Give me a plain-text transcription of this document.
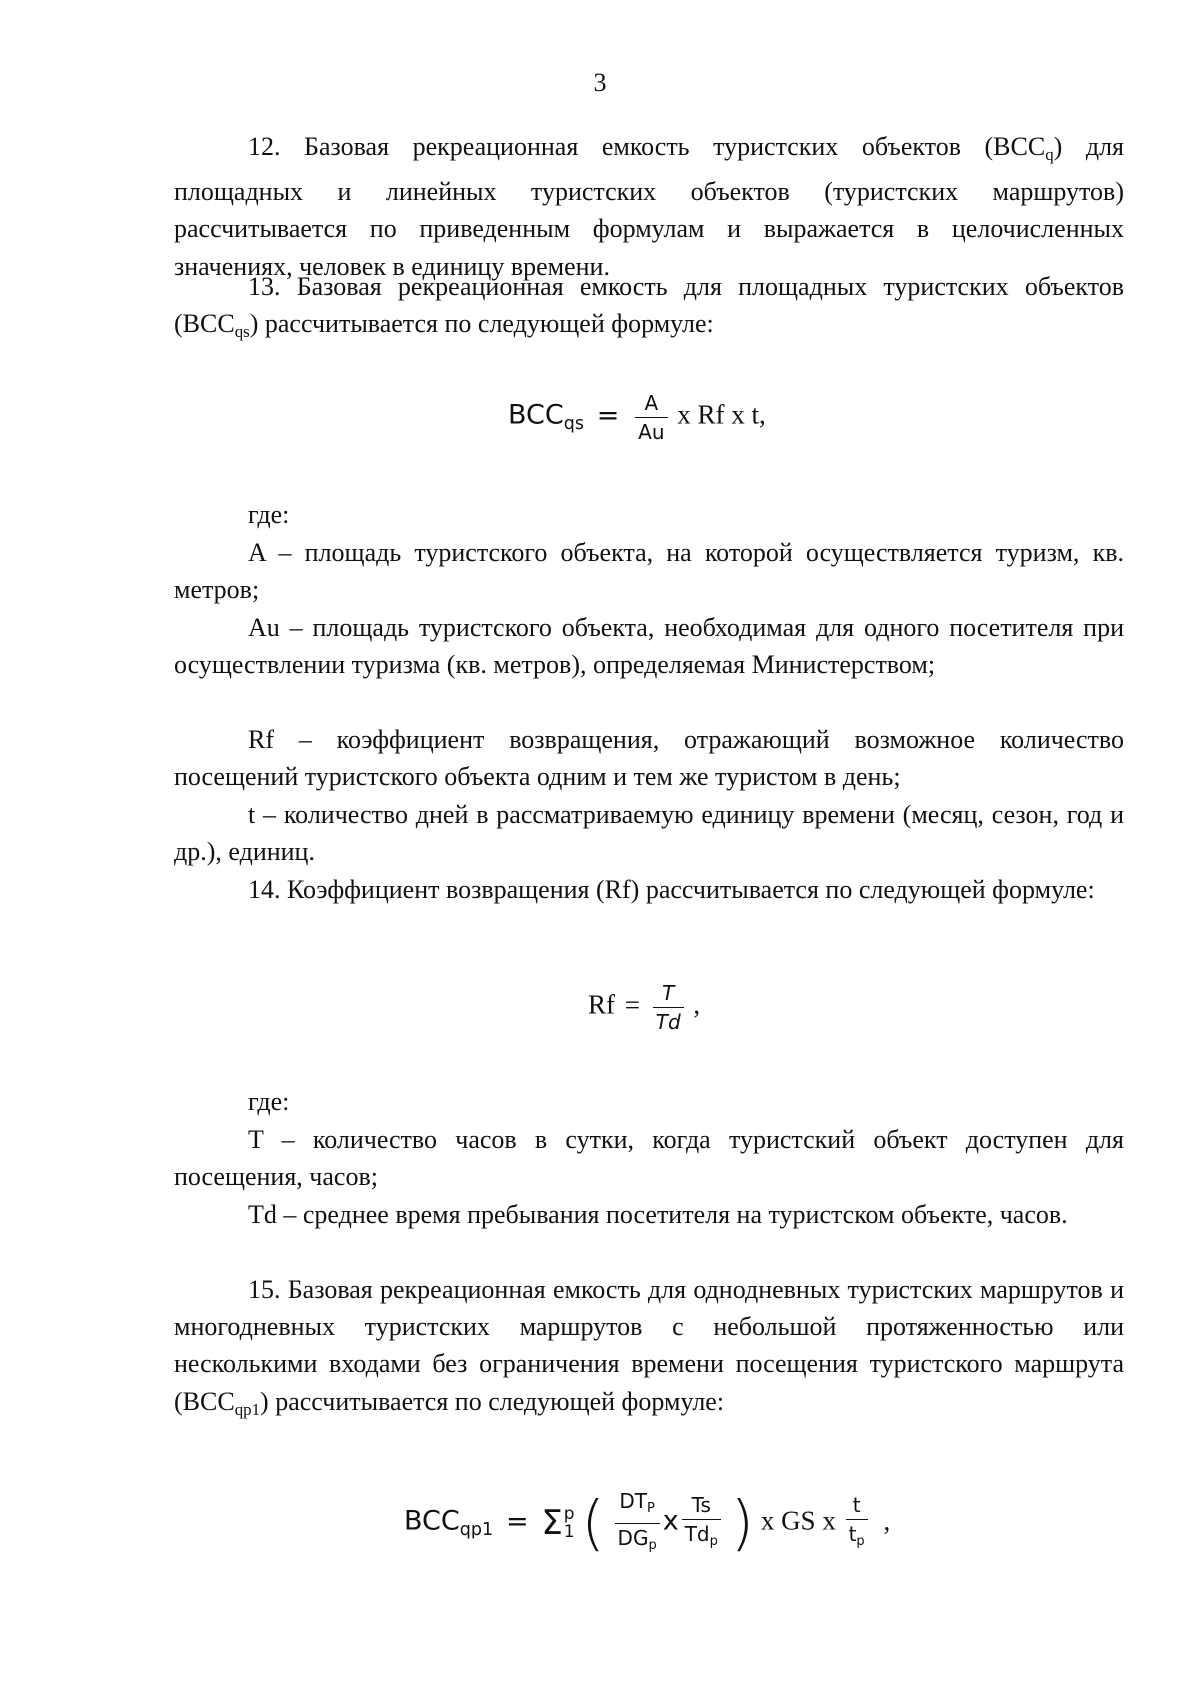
3

12. Базовая рекреационная емкость туристских объектов $(BCC_q)$ для площадных и линейных туристских объектов (туристских маршрутов) рассчитывается по приведенным формулам и выражается в целочисленных значениях, человек в единицу времени.

13. Базовая рекреационная емкость для площадных туристских объектов $(BCC_{qs})$ рассчитывается по следующей формуле:

$BCC_{qs} = \frac{A}{Au}$ x Rf x t,
где:

A – площадь туристского объекта, на которой осуществляется туризм, кв. метров;

Au – площадь туристского объекта, необходимая для одного посетителя при осуществлении туризма (кв. метров), определяемая Министерством;

Rf – коэффициент возвращения, отражающий возможное количество посещений туристского объекта одним и тем же туристом в день;

t – количество дней в рассматриваемую единицу времени (месяц, сезон, год и др.), единиц.

14. Коэффициент возвращения (Rf) рассчитывается по следующей формуле:

$Rf = \frac{T}{Td}$ ,
где:

T – количество часов в сутки, когда туристский объект доступен для посещения, часов;

Td – среднее время пребывания посетителя на туристском объекте, часов.

15. Базовая рекреационная емкость для однодневных туристских маршрутов и многодневных туристских маршрутов с небольшой протяженностью или несколькими входами без ограничения времени посещения туристского маршрута $(BCC_{qp1})$ рассчитывается по следующей формуле:

$BCC_{qp1} = \Sigma$ p
1 ( $\frac{DT_P}{DG_p}$ x $\frac{Ts}{Td_p}$ ) x GS x $\frac{t}{t_p}$ ,
